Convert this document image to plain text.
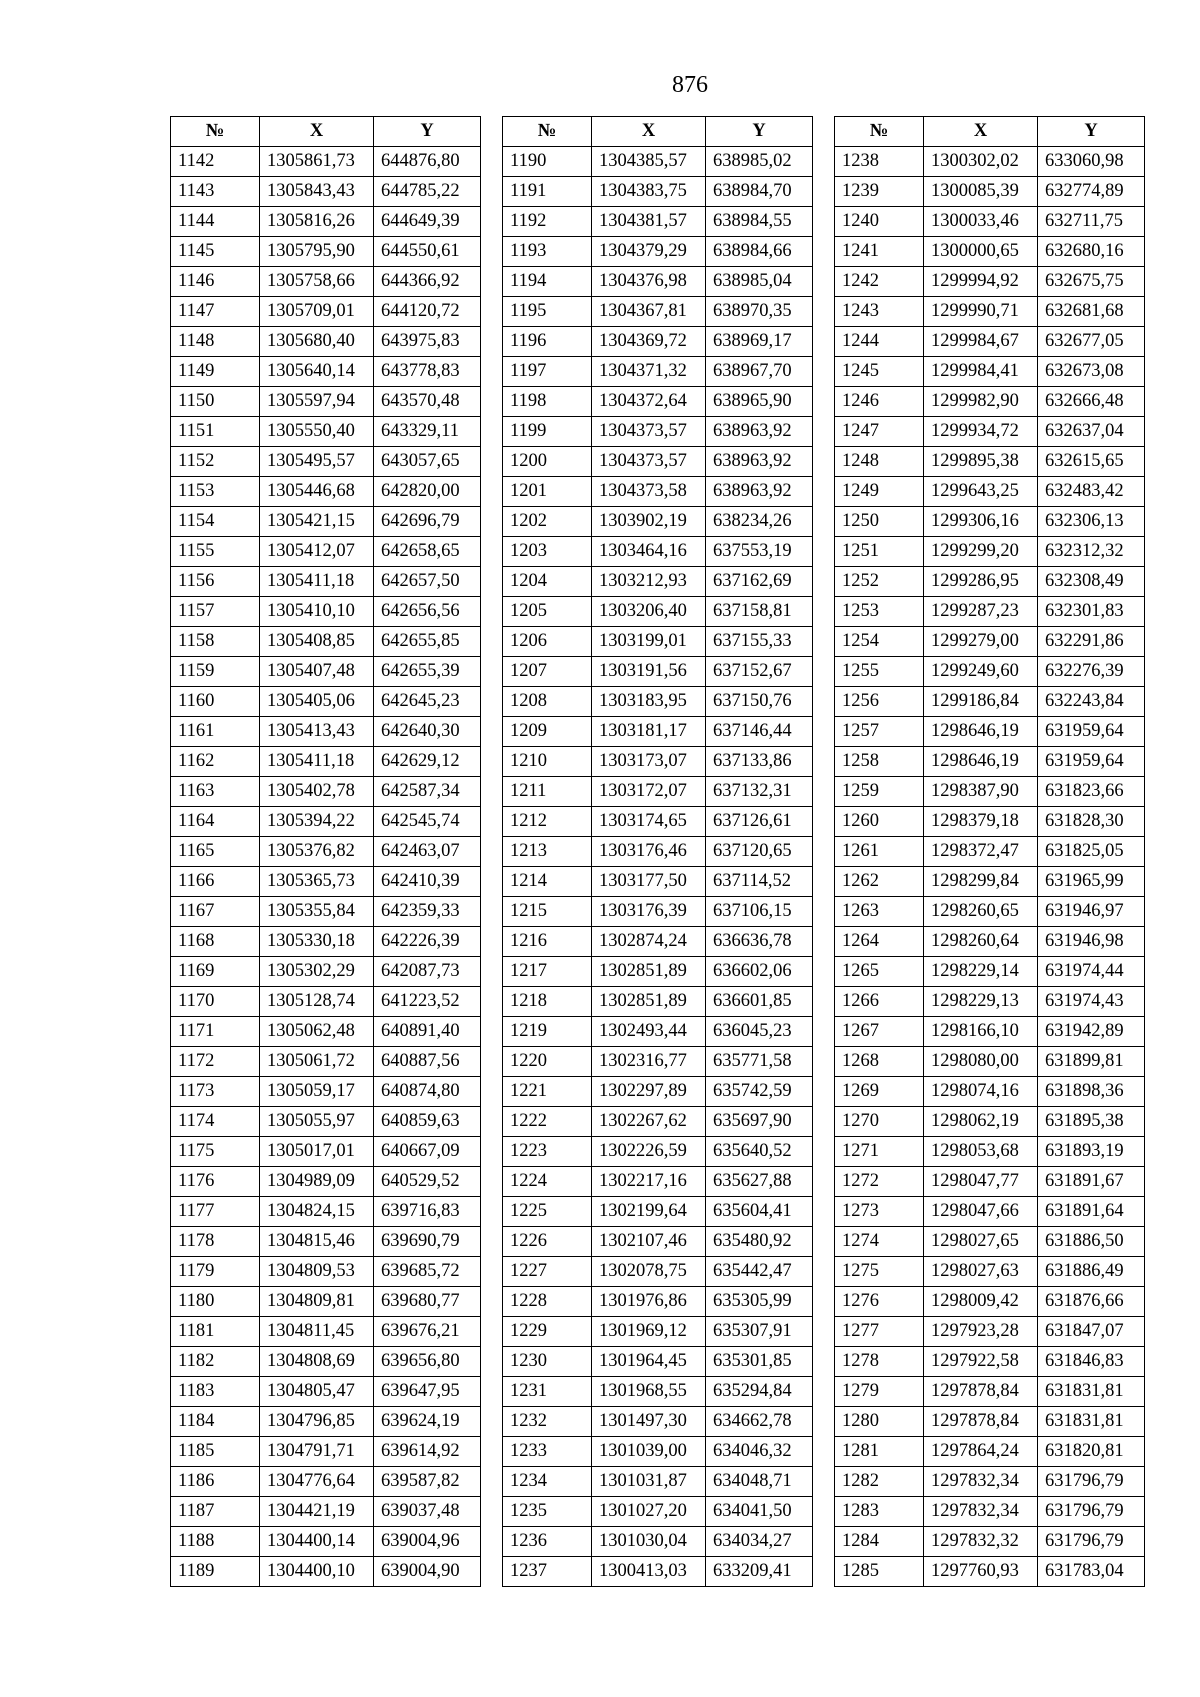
876
№	X	Y
1142	1305861,73	644876,80
1143	1305843,43	644785,22
1144	1305816,26	644649,39
1145	1305795,90	644550,61
1146	1305758,66	644366,92
1147	1305709,01	644120,72
1148	1305680,40	643975,83
1149	1305640,14	643778,83
1150	1305597,94	643570,48
1151	1305550,40	643329,11
1152	1305495,57	643057,65
1153	1305446,68	642820,00
1154	1305421,15	642696,79
1155	1305412,07	642658,65
1156	1305411,18	642657,50
1157	1305410,10	642656,56
1158	1305408,85	642655,85
1159	1305407,48	642655,39
1160	1305405,06	642645,23
1161	1305413,43	642640,30
1162	1305411,18	642629,12
1163	1305402,78	642587,34
1164	1305394,22	642545,74
1165	1305376,82	642463,07
1166	1305365,73	642410,39
1167	1305355,84	642359,33
1168	1305330,18	642226,39
1169	1305302,29	642087,73
1170	1305128,74	641223,52
1171	1305062,48	640891,40
1172	1305061,72	640887,56
1173	1305059,17	640874,80
1174	1305055,97	640859,63
1175	1305017,01	640667,09
1176	1304989,09	640529,52
1177	1304824,15	639716,83
1178	1304815,46	639690,79
1179	1304809,53	639685,72
1180	1304809,81	639680,77
1181	1304811,45	639676,21
1182	1304808,69	639656,80
1183	1304805,47	639647,95
1184	1304796,85	639624,19
1185	1304791,71	639614,92
1186	1304776,64	639587,82
1187	1304421,19	639037,48
1188	1304400,14	639004,96
1189	1304400,10	639004,90
№	X	Y
1190	1304385,57	638985,02
1191	1304383,75	638984,70
1192	1304381,57	638984,55
1193	1304379,29	638984,66
1194	1304376,98	638985,04
1195	1304367,81	638970,35
1196	1304369,72	638969,17
1197	1304371,32	638967,70
1198	1304372,64	638965,90
1199	1304373,57	638963,92
1200	1304373,57	638963,92
1201	1304373,58	638963,92
1202	1303902,19	638234,26
1203	1303464,16	637553,19
1204	1303212,93	637162,69
1205	1303206,40	637158,81
1206	1303199,01	637155,33
1207	1303191,56	637152,67
1208	1303183,95	637150,76
1209	1303181,17	637146,44
1210	1303173,07	637133,86
1211	1303172,07	637132,31
1212	1303174,65	637126,61
1213	1303176,46	637120,65
1214	1303177,50	637114,52
1215	1303176,39	637106,15
1216	1302874,24	636636,78
1217	1302851,89	636602,06
1218	1302851,89	636601,85
1219	1302493,44	636045,23
1220	1302316,77	635771,58
1221	1302297,89	635742,59
1222	1302267,62	635697,90
1223	1302226,59	635640,52
1224	1302217,16	635627,88
1225	1302199,64	635604,41
1226	1302107,46	635480,92
1227	1302078,75	635442,47
1228	1301976,86	635305,99
1229	1301969,12	635307,91
1230	1301964,45	635301,85
1231	1301968,55	635294,84
1232	1301497,30	634662,78
1233	1301039,00	634046,32
1234	1301031,87	634048,71
1235	1301027,20	634041,50
1236	1301030,04	634034,27
1237	1300413,03	633209,41
№	X	Y
1238	1300302,02	633060,98
1239	1300085,39	632774,89
1240	1300033,46	632711,75
1241	1300000,65	632680,16
1242	1299994,92	632675,75
1243	1299990,71	632681,68
1244	1299984,67	632677,05
1245	1299984,41	632673,08
1246	1299982,90	632666,48
1247	1299934,72	632637,04
1248	1299895,38	632615,65
1249	1299643,25	632483,42
1250	1299306,16	632306,13
1251	1299299,20	632312,32
1252	1299286,95	632308,49
1253	1299287,23	632301,83
1254	1299279,00	632291,86
1255	1299249,60	632276,39
1256	1299186,84	632243,84
1257	1298646,19	631959,64
1258	1298646,19	631959,64
1259	1298387,90	631823,66
1260	1298379,18	631828,30
1261	1298372,47	631825,05
1262	1298299,84	631965,99
1263	1298260,65	631946,97
1264	1298260,64	631946,98
1265	1298229,14	631974,44
1266	1298229,13	631974,43
1267	1298166,10	631942,89
1268	1298080,00	631899,81
1269	1298074,16	631898,36
1270	1298062,19	631895,38
1271	1298053,68	631893,19
1272	1298047,77	631891,67
1273	1298047,66	631891,64
1274	1298027,65	631886,50
1275	1298027,63	631886,49
1276	1298009,42	631876,66
1277	1297923,28	631847,07
1278	1297922,58	631846,83
1279	1297878,84	631831,81
1280	1297878,84	631831,81
1281	1297864,24	631820,81
1282	1297832,34	631796,79
1283	1297832,34	631796,79
1284	1297832,32	631796,79
1285	1297760,93	631783,04
